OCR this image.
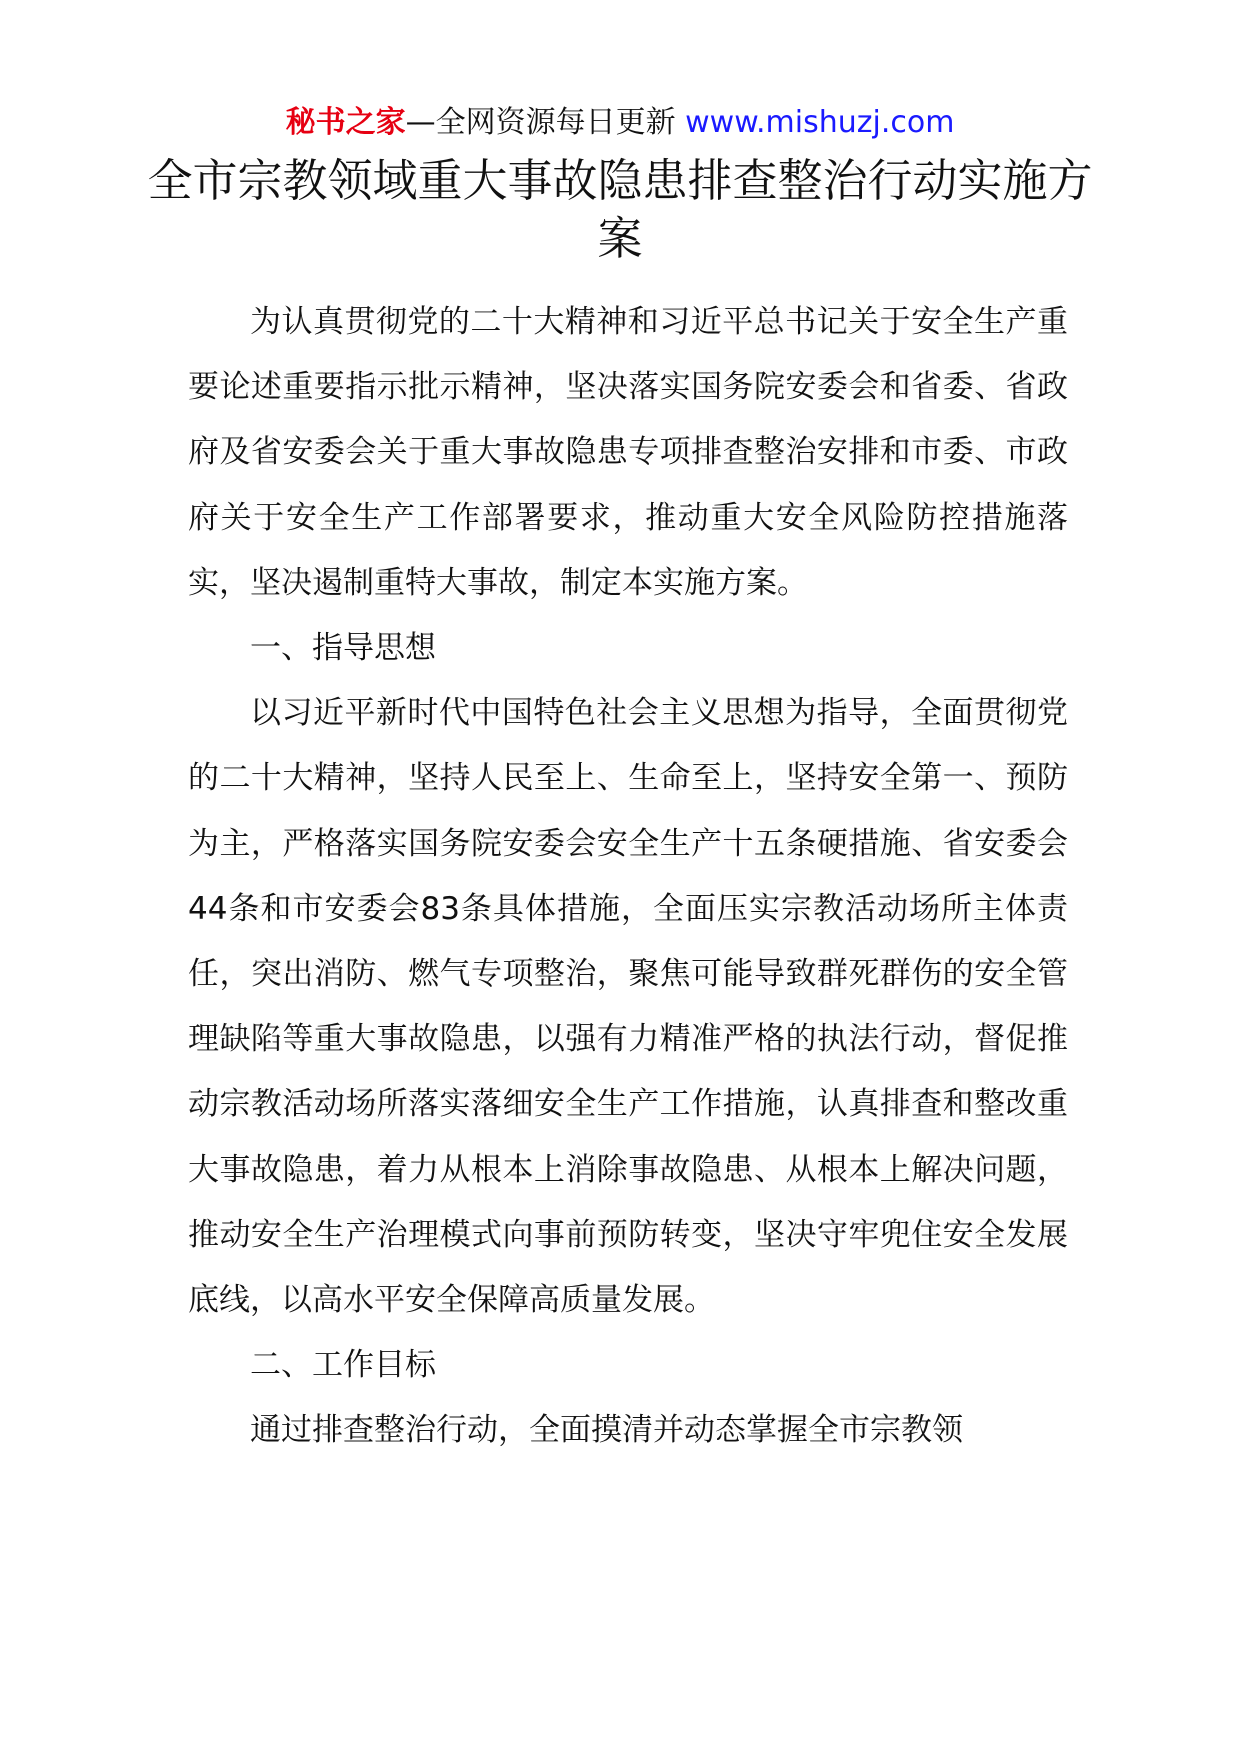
秘书之家—全网资源每日更新 www.mishuzj.com
全市宗教领域重大事故隐患排查整治行动实施方案

为认真贯彻党的二十大精神和习近平总书记关于安全生产重要论述重要指示批示精神，坚决落实国务院安委会和省委、省政府及省安委会关于重大事故隐患专项排查整治安排和市委、市政府关于安全生产工作部署要求，推动重大安全风险防控措施落实，坚决遏制重特大事故，制定本实施方案。

一、指导思想

以习近平新时代中国特色社会主义思想为指导，全面贯彻党的二十大精神，坚持人民至上、生命至上，坚持安全第一、预防为主，严格落实国务院安委会安全生产十五条硬措施、省安委会44条和市安委会83条具体措施，全面压实宗教活动场所主体责任，突出消防、燃气专项整治，聚焦可能导致群死群伤的安全管理缺陷等重大事故隐患，以强有力精准严格的执法行动，督促推动宗教活动场所落实落细安全生产工作措施，认真排查和整改重大事故隐患，着力从根本上消除事故隐患、从根本上解决问题，推动安全生产治理模式向事前预防转变，坚决守牢兜住安全发展底线，以高水平安全保障高质量发展。

二、工作目标

通过排查整治行动，全面摸清并动态掌握全市宗教领
